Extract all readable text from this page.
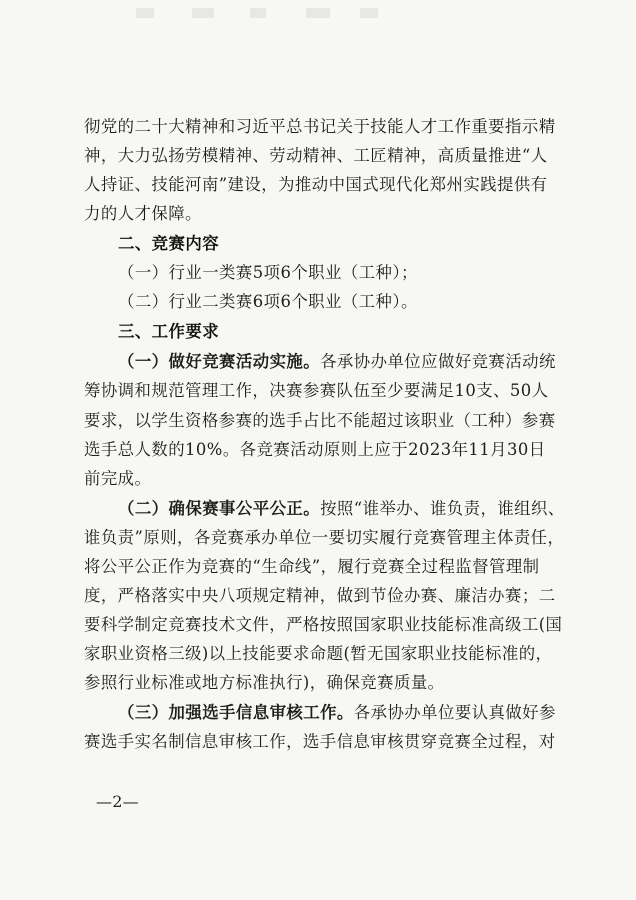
彻党的二十大精神和习近平总书记关于技能人才工作重要指示精
神，大力弘扬劳模精神、劳动精神、工匠精神，高质量推进“人
人持证、技能河南”建设，为推动中国式现代化郑州实践提供有
力的人才保障。
二、竞赛内容
（一）行业一类赛5项6个职业（工种）；
（二）行业二类赛6项6个职业（工种）。
三、工作要求
（一）做好竞赛活动实施。各承协办单位应做好竞赛活动统
筹协调和规范管理工作，决赛参赛队伍至少要满足10支、50人
要求，以学生资格参赛的选手占比不能超过该职业（工种）参赛
选手总人数的10%。各竞赛活动原则上应于2023年11月30日
前完成。
（二）确保赛事公平公正。按照“谁举办、谁负责，谁组织、
谁负责”原则，各竞赛承办单位一要切实履行竞赛管理主体责任，
将公平公正作为竞赛的“生命线”，履行竞赛全过程监督管理制
度，严格落实中央八项规定精神，做到节俭办赛、廉洁办赛；二
要科学制定竞赛技术文件，严格按照国家职业技能标准高级工(国
家职业资格三级)以上技能要求命题(暂无国家职业技能标准的，
参照行业标准或地方标准执行)，确保竞赛质量。
（三）加强选手信息审核工作。各承协办单位要认真做好参
赛选手实名制信息审核工作，选手信息审核贯穿竞赛全过程，对
—2—
